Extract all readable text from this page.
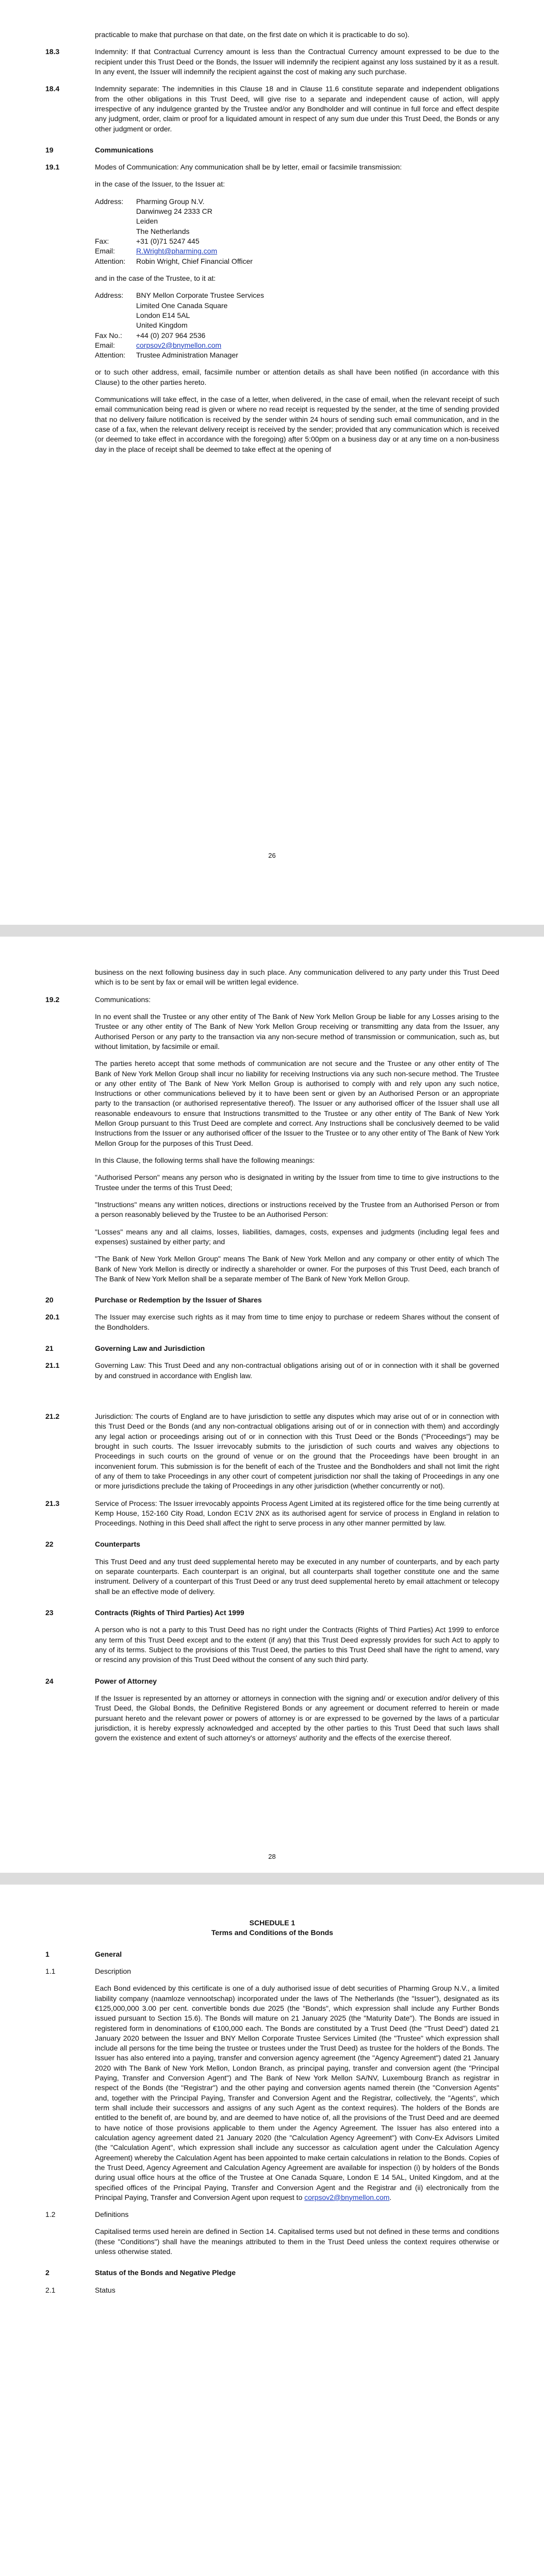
practicable to make that purchase on that date, on the first date on which it is practicable to do so).

18.3	Indemnity: If that Contractual Currency amount is less than the Contractual Currency amount expressed to be due to the recipient under this Trust Deed or the Bonds, the Issuer will indemnify the recipient against any loss sustained by it as a result. In any event, the Issuer will indemnify the recipient against the cost of making any such purchase.
18.4	Indemnity separate: The indemnities in this Clause 18 and in Clause 11.6 constitute separate and independent obligations from the other obligations in this Trust Deed, will give rise to a separate and independent cause of action, will apply irrespective of any indulgence granted by the Trustee and/or any Bondholder and will continue in full force and effect despite any judgment, order, claim or proof for a liquidated amount in respect of any sum due under this Trust Deed, the Bonds or any other judgment or order.
19	Communications
19.1	Modes of Communication: Any communication shall be by letter, email or facsimile transmission:

in the case of the Issuer, to the Issuer at:

Address:	Pharming Group N.V.
Darwinweg 24 2333 CR
Leiden
The Netherlands
Fax:	+31 (0)71 5247 445
Email:	R.Wright@pharming.com
Attention:	Robin Wright, Chief Financial Officer

and in the case of the Trustee, to it at:

Address:	BNY Mellon Corporate Trustee Services
Limited One Canada Square
London E14 5AL
United Kingdom
Fax No.:	+44 (0) 207 964 2536
Email:	corpsov2@bnymellon.com
Attention:	Trustee Administration Manager

or to such other address, email, facsimile number or attention details as shall have been notified (in accordance with this Clause) to the other parties hereto.

Communications will take effect, in the case of a letter, when delivered, in the case of email, when the relevant receipt of such email communication being read is given or where no read receipt is requested by the sender, at the time of sending provided that no delivery failure notification is received by the sender within 24 hours of sending such email communication, and in the case of a fax, when the relevant delivery receipt is received by the sender; provided that any communication which is received (or deemed to take effect in accordance with the foregoing) after 5:00pm on a business day or at any time on a non-business day in the place of receipt shall be deemed to take effect at the opening of

26

business on the next following business day in such place. Any communication delivered to any party under this Trust Deed which is to be sent by fax or email will be written legal evidence.

19.2	Communications:

In no event shall the Trustee or any other entity of The Bank of New York Mellon Group be liable for any Losses arising to the Trustee or any other entity of The Bank of New York Mellon Group receiving or transmitting any data from the Issuer, any Authorised Person or any party to the transaction via any non-secure method of transmission or communication, such as, but without limitation, by facsimile or email.

The parties hereto accept that some methods of communication are not secure and the Trustee or any other entity of The Bank of New York Mellon Group shall incur no liability for receiving Instructions via any such non-secure method. The Trustee or any other entity of The Bank of New York Mellon Group is authorised to comply with and rely upon any such notice, Instructions or other communications believed by it to have been sent or given by an Authorised Person or an appropriate party to the transaction (or authorised representative thereof). The Issuer or any authorised officer of the Issuer shall use all reasonable endeavours to ensure that Instructions transmitted to the Trustee or any other entity of The Bank of New York Mellon Group pursuant to this Trust Deed are complete and correct. Any Instructions shall be conclusively deemed to be valid Instructions from the Issuer or any authorised officer of the Issuer to the Trustee or to any other entity of The Bank of New York Mellon Group for the purposes of this Trust Deed.

In this Clause, the following terms shall have the following meanings:

"Authorised Person" means any person who is designated in writing by the Issuer from time to time to give instructions to the Trustee under the terms of this Trust Deed;

"Instructions" means any written notices, directions or instructions received by the Trustee from an Authorised Person or from a person reasonably believed by the Trustee to be an Authorised Person:

"Losses" means any and all claims, losses, liabilities, damages, costs, expenses and judgments (including legal fees and expenses) sustained by either party; and

"The Bank of New York Mellon Group" means The Bank of New York Mellon and any company or other entity of which The Bank of New York Mellon is directly or indirectly a shareholder or owner. For the purposes of this Trust Deed, each branch of The Bank of New York Mellon shall be a separate member of The Bank of New York Mellon Group.

20	Purchase or Redemption by the Issuer of Shares
20.1	The Issuer may exercise such rights as it may from time to time enjoy to purchase or redeem Shares without the consent of the Bondholders.
21	Governing Law and Jurisdiction
21.1	Governing Law: This Trust Deed and any non-contractual obligations arising out of or in connection with it shall be governed by and construed in accordance with English law.
21.2	Jurisdiction: The courts of England are to have jurisdiction to settle any disputes which may arise out of or in connection with this Trust Deed or the Bonds (and any non-contractual obligations arising out of or in connection with them) and accordingly any legal action or proceedings arising out of or in connection with this Trust Deed or the Bonds ("Proceedings") may be brought in such courts. The Issuer irrevocably submits to the jurisdiction of such courts and waives any objections to Proceedings in such courts on the ground of venue or on the ground that the Proceedings have been brought in an inconvenient forum. This submission is for the benefit of each of the Trustee and the Bondholders and shall not limit the right of any of them to take Proceedings in any other court of competent jurisdiction nor shall the taking of Proceedings in any one or more jurisdictions preclude the taking of Proceedings in any other jurisdiction (whether concurrently or not).
21.3	Service of Process: The Issuer irrevocably appoints Process Agent Limited at its registered office for the time being currently at Kemp House, 152-160 City Road, London EC1V 2NX as its authorised agent for service of process in England in relation to Proceedings. Nothing in this Deed shall affect the right to serve process in any other manner permitted by law.
22	Counterparts

This Trust Deed and any trust deed supplemental hereto may be executed in any number of counterparts, and by each party on separate counterparts. Each counterpart is an original, but all counterparts shall together constitute one and the same instrument. Delivery of a counterpart of this Trust Deed or any trust deed supplemental hereto by email attachment or telecopy shall be an effective mode of delivery.

23	Contracts (Rights of Third Parties) Act 1999

A person who is not a party to this Trust Deed has no right under the Contracts (Rights of Third Parties) Act 1999 to enforce any term of this Trust Deed except and to the extent (if any) that this Trust Deed expressly provides for such Act to apply to any of its terms. Subject to the provisions of this Trust Deed, the parties to this Trust Deed shall have the right to amend, vary or rescind any provision of this Trust Deed without the consent of any such third party.

24	Power of Attorney

If the Issuer is represented by an attorney or attorneys in connection with the signing and/ or execution and/or delivery of this Trust Deed, the Global Bonds, the Definitive Registered Bonds or any agreement or document referred to herein or made pursuant hereto and the relevant power or powers of attorney is or are expressed to be governed by the laws of a particular jurisdiction, it is hereby expressly acknowledged and accepted by the other parties to this Trust Deed that such laws shall govern the existence and extent of such attorney's or attorneys' authority and the effects of the exercise thereof.

28
SCHEDULE 1
Terms and Conditions of the Bonds
1	General
1.1	Description

Each Bond evidenced by this certificate is one of a duly authorised issue of debt securities of Pharming Group N.V., a limited liability company (naamloze vennootschap) incorporated under the laws of The Netherlands (the "Issuer"), designated as its €125,000,000 3.00 per cent. convertible bonds due 2025 (the "Bonds", which expression shall include any Further Bonds issued pursuant to Section 15.6). The Bonds will mature on 21 January 2025 (the "Maturity Date"). The Bonds are issued in registered form in denominations of €100,000 each. The Bonds are constituted by a Trust Deed (the "Trust Deed") dated 21 January 2020 between the Issuer and BNY Mellon Corporate Trustee Services Limited (the "Trustee" which expression shall include all persons for the time being the trustee or trustees under the Trust Deed) as trustee for the holders of the Bonds. The Issuer has also entered into a paying, transfer and conversion agency agreement (the "Agency Agreement") dated 21 January 2020 with The Bank of New York Mellon, London Branch, as principal paying, transfer and conversion agent (the "Principal Paying, Transfer and Conversion Agent") and The Bank of New York Mellon SA/NV, Luxembourg Branch as registrar in respect of the Bonds (the "Registrar") and the other paying and conversion agents named therein (the "Conversion Agents" and, together with the Principal Paying, Transfer and Conversion Agent and the Registrar, collectively, the "Agents", which term shall include their successors and assigns of any such Agent as the context requires). The holders of the Bonds are entitled to the benefit of, are bound by, and are deemed to have notice of, all the provisions of the Trust Deed and are deemed to have notice of those provisions applicable to them under the Agency Agreement. The Issuer has also entered into a calculation agency agreement dated 21 January 2020 (the "Calculation Agency Agreement") with Conv-Ex Advisors Limited (the "Calculation Agent", which expression shall include any successor as calculation agent under the Calculation Agency Agreement) whereby the Calculation Agent has been appointed to make certain calculations in relation to the Bonds. Copies of the Trust Deed, Agency Agreement and Calculation Agency Agreement are available for inspection (i) by holders of the Bonds during usual office hours at the office of the Trustee at One Canada Square, London E 14 5AL, United Kingdom, and at the specified offices of the Principal Paying, Transfer and Conversion Agent and the Registrar and (ii) electronically from the Principal Paying, Transfer and Conversion Agent upon request to corpsov2@bnymellon.com.

1.2	Definitions

Capitalised terms used herein are defined in Section 14. Capitalised terms used but not defined in these terms and conditions (these "Conditions") shall have the meanings attributed to them in the Trust Deed unless the context requires otherwise or unless otherwise stated.

2	Status of the Bonds and Negative Pledge
2.1	Status
